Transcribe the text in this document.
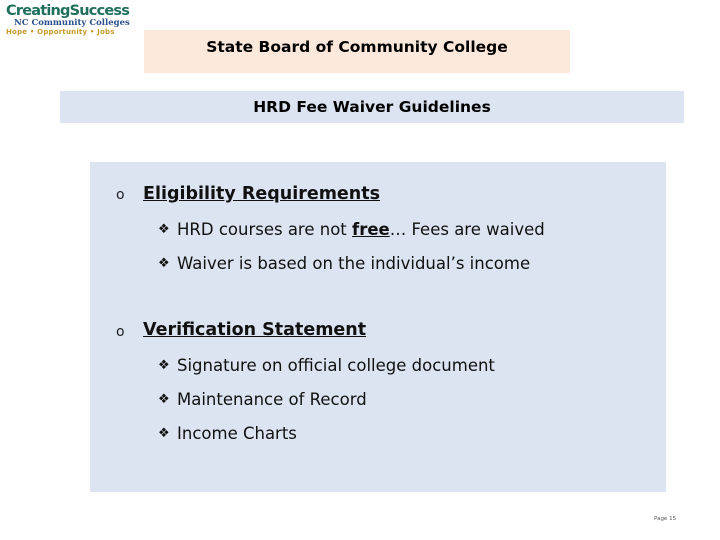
CreatingSuccess
NC Community Colleges
Hope • Opportunity • Jobs
State Board of Community College
HRD Fee Waiver Guidelines
o Eligibility Requirements
❖ HRD courses are not free … Fees are waived
❖ Waiver is based on the individual’s income
o Verification Statement
❖ Signature on official college document
❖ Maintenance of Record
❖ Income Charts
Page 15
